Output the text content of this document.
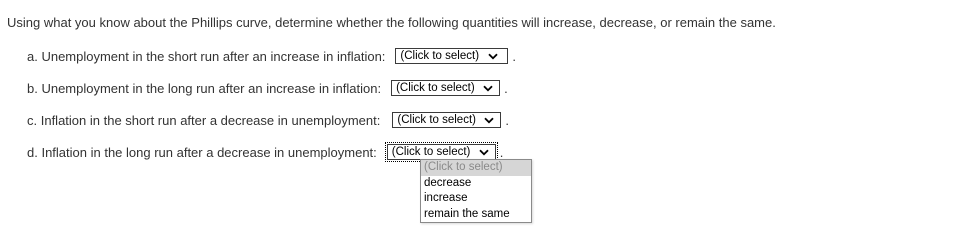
Using what you know about the Phillips curve, determine whether the following quantities will increase, decrease, or remain the same.
a. Unemployment in the short run after an increase in inflation: (Click to select)	.
b. Unemployment in the long run after an increase in inflation: (Click to select) .
c. Inflation in the short run after a decrease in unemployment: (Click to select) .
d. Inflation in the long run after a decrease in unemployment: (Click to select) .
(Click to select)
decrease
increase
remain the same
